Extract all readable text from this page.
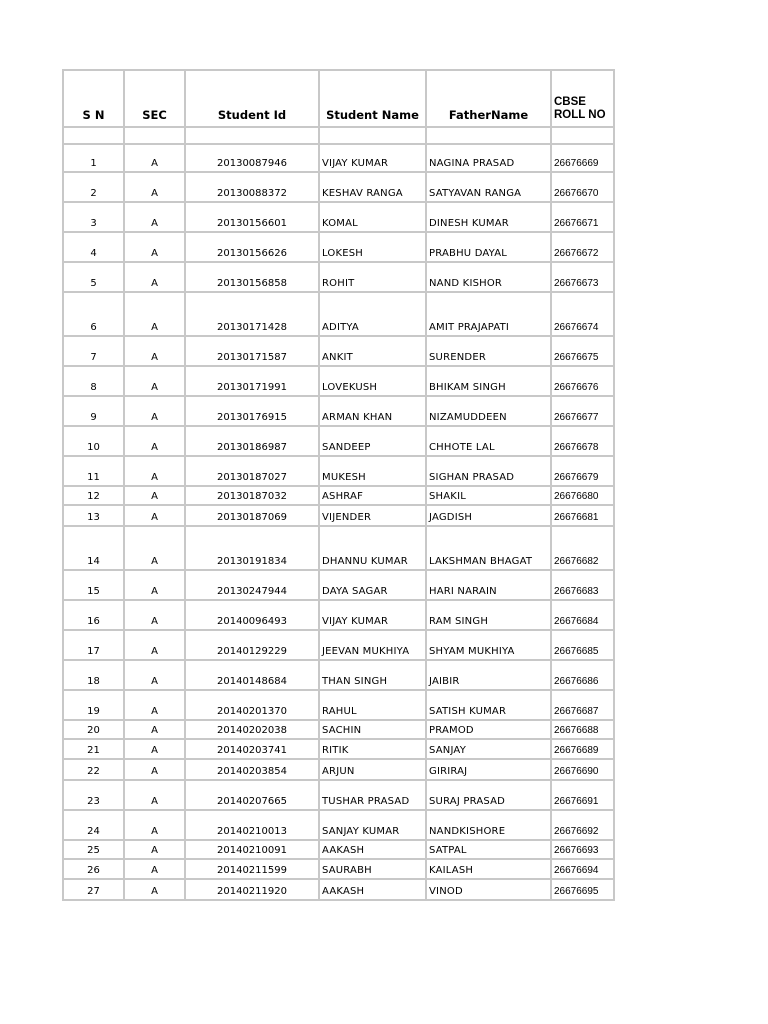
S N	SEC	Student Id	Student Name	FatherName	CBSE
ROLL NO

1	A	20130087946	VIJAY KUMAR	NAGINA PRASAD	26676669
2	A	20130088372	KESHAV RANGA	SATYAVAN RANGA	26676670
3	A	20130156601	KOMAL	DINESH KUMAR	26676671
4	A	20130156626	LOKESH	PRABHU DAYAL	26676672
5	A	20130156858	ROHIT	NAND KISHOR	26676673
6	A	20130171428	ADITYA	AMIT PRAJAPATI	26676674
7	A	20130171587	ANKIT	SURENDER	26676675
8	A	20130171991	LOVEKUSH	BHIKAM SINGH	26676676
9	A	20130176915	ARMAN KHAN	NIZAMUDDEEN	26676677
10	A	20130186987	SANDEEP	CHHOTE LAL	26676678
11	A	20130187027	MUKESH	SIGHAN PRASAD	26676679
12	A	20130187032	ASHRAF	SHAKIL	26676680
13	A	20130187069	VIJENDER	JAGDISH	26676681
14	A	20130191834	DHANNU KUMAR	LAKSHMAN BHAGAT	26676682
15	A	20130247944	DAYA SAGAR	HARI NARAIN	26676683
16	A	20140096493	VIJAY KUMAR	RAM SINGH	26676684
17	A	20140129229	JEEVAN MUKHIYA	SHYAM MUKHIYA	26676685
18	A	20140148684	THAN SINGH	JAIBIR	26676686
19	A	20140201370	RAHUL	SATISH KUMAR	26676687
20	A	20140202038	SACHIN	PRAMOD	26676688
21	A	20140203741	RITIK	SANJAY	26676689
22	A	20140203854	ARJUN	GIRIRAJ	26676690
23	A	20140207665	TUSHAR PRASAD	SURAJ PRASAD	26676691
24	A	20140210013	SANJAY KUMAR	NANDKISHORE	26676692
25	A	20140210091	AAKASH	SATPAL	26676693
26	A	20140211599	SAURABH	KAILASH	26676694
27	A	20140211920	AAKASH	VINOD	26676695
